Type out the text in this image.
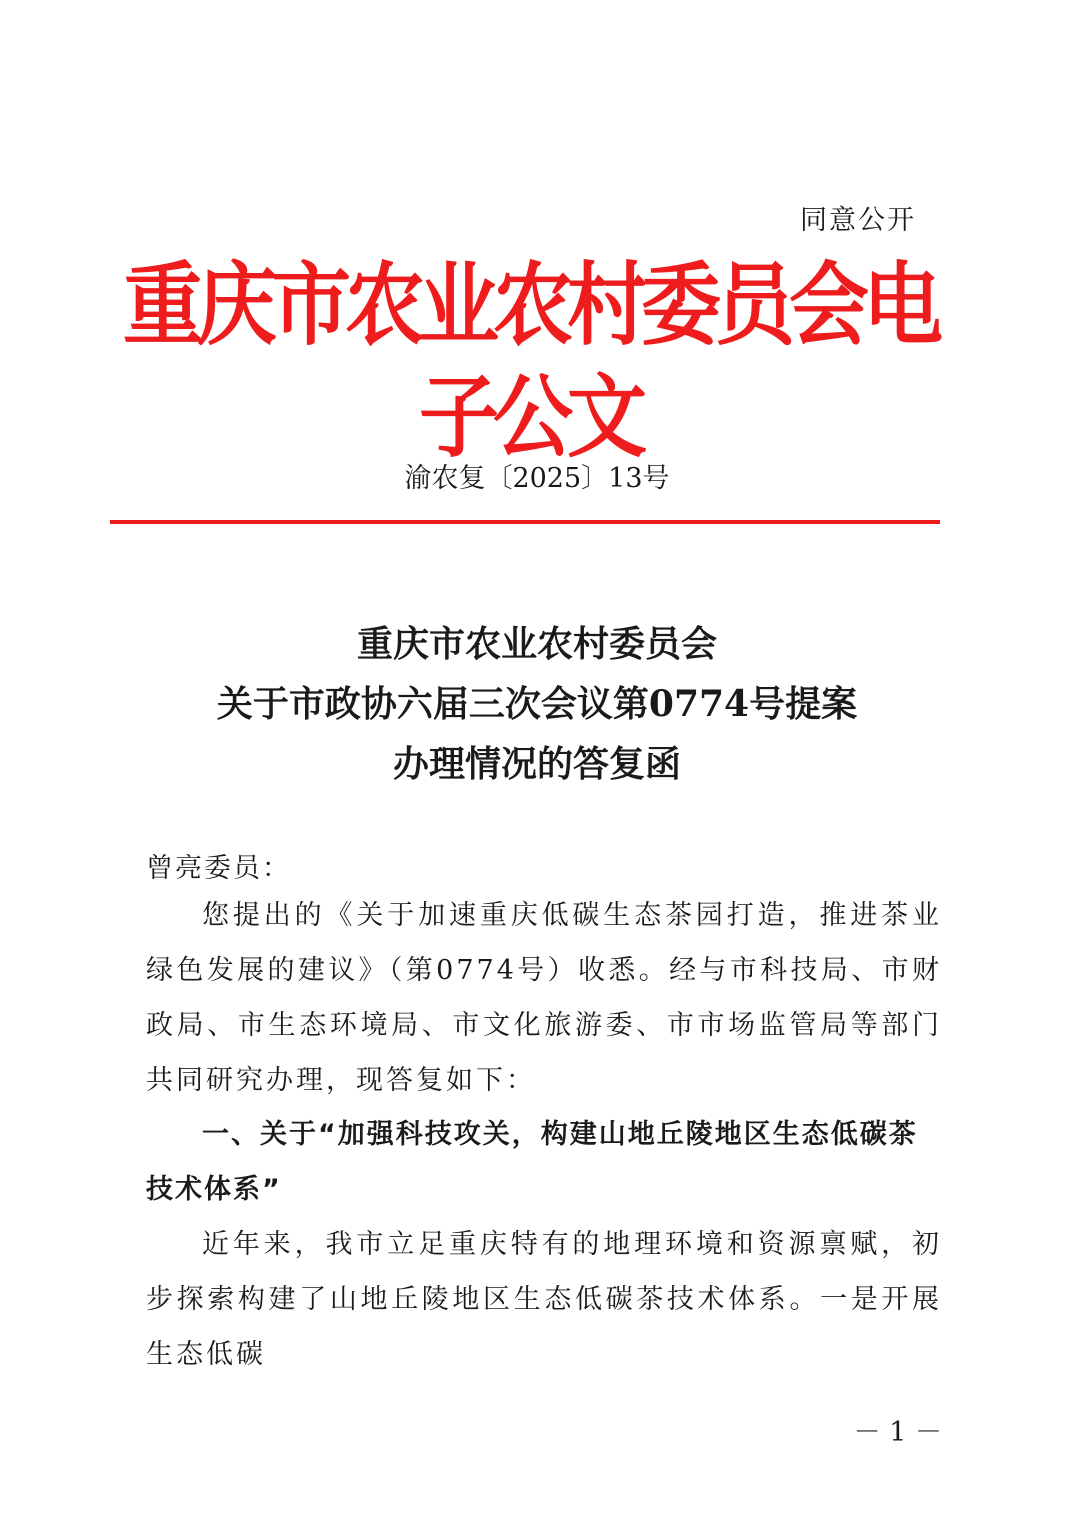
同意公开
重庆市农业农村委员会电子公文
渝农复〔2025〕13号
重庆市农业农村委员会
关于市政协六届三次会议第0774号提案
办理情况的答复函
曾亮委员：
您提出的《关于加速重庆低碳生态茶园打造，推进茶业绿色发展的建议》（第0774号）收悉。经与市科技局、市财政局、市生态环境局、市文化旅游委、市市场监管局等部门共同研究办理，现答复如下：
一、关于“加强科技攻关，构建山地丘陵地区生态低碳茶技术体系”
近年来，我市立足重庆特有的地理环境和资源禀赋，初步探索构建了山地丘陵地区生态低碳茶技术体系。一是开展生态低碳
－ 1 －
